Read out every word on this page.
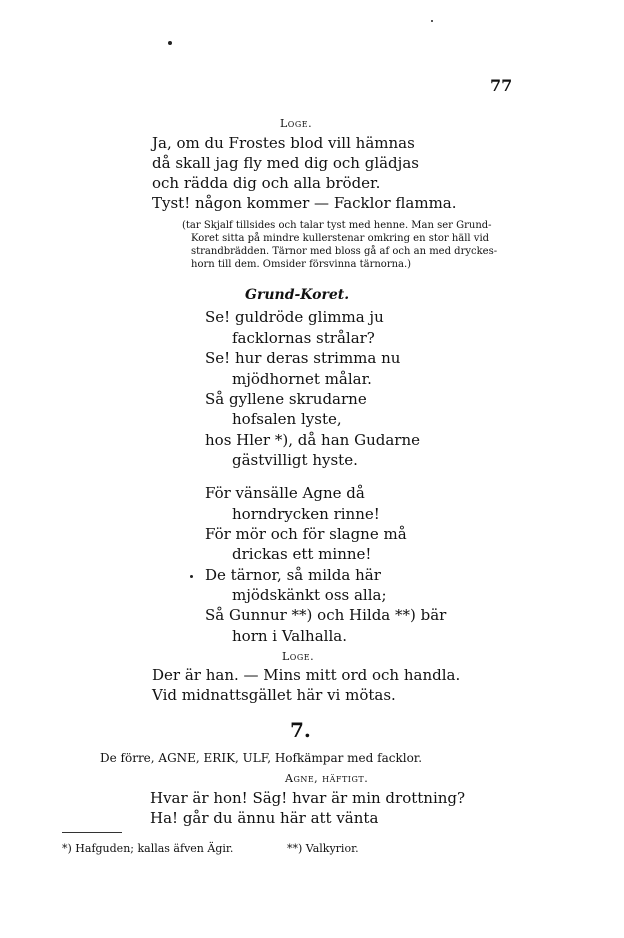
77
Loge.
Ja, om du Frostes blod vill hämnas
då skall jag fly med dig och glädjas
och rädda dig och alla bröder.
Tyst! någon kommer — Facklor flamma.
(tar Skjalf tillsides och talar tyst med henne. Man ser Grund-
Koret sitta på mindre kullerstenar omkring en stor häll vid
strandbrädden. Tärnor med bloss gå af och an med dryckes-
horn till dem. Omsider försvinna tärnorna.)
Grund-Koret.
Se! guldröde glimma ju
facklornas strålar?
Se! hur deras strimma nu
mjödhornet målar.
Så gyllene skrudarne
hofsalen lyste,
hos Hler *), då han Gudarne
gästvilligt hyste.
För vänsälle Agne då
horndrycken rinne!
För mör och för slagne må
drickas ett minne!
De tärnor, så milda här
mjödskänkt oss alla;
Så Gunnur **) och Hilda **) bär
horn i Valhalla.
Loge.
Der är han. — Mins mitt ord och handla.
Vid midnattsgället här vi mötas.
7.
De förre, AGNE, ERIK, ULF, Hofkämpar med facklor.
Agne, häftigt.
Hvar är hon! Säg! hvar är min drottning?
Ha! går du ännu här att vänta
*) Hafguden; kallas äfven Ägir.	**) Valkyrior.
